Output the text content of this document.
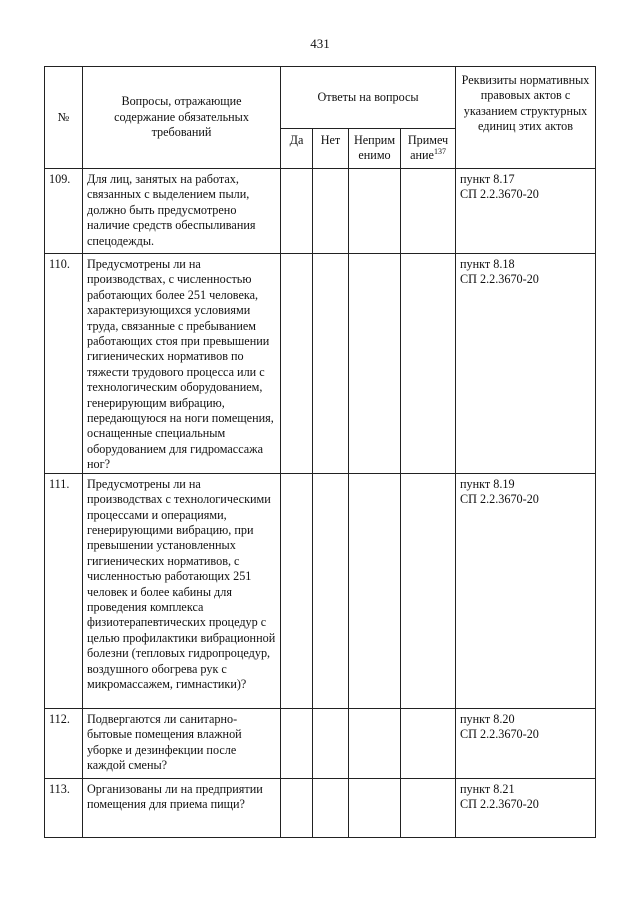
431
№	Вопросы, отражающие содержание обязательных требований	Ответы на вопросы				Реквизиты нормативных правовых актов с указанием структурных единиц этих актов
		Да	Нет	Неприм енимо	Примеч ание$^{137}$
109.	Для лиц, занятых на работах, связанных с выделением пыли, должно быть предусмотрено наличие средств обеспыливания спецодежды.					пункт 8.17
СП 2.2.3670-20

110.	Предусмотрены ли на производствах, с численностью работающих более 251 человека, характеризующихся условиями труда, связанные с пребыванием работающих стоя при превышении гигиенических нормативов по тяжести трудового процесса или с технологическим оборудованием, генерирующим вибрацию, передающуюся на ноги помещения, оснащенные специальным оборудованием для гидромассажа ног?					пункт 8.18
СП 2.2.3670-20

111.	Предусмотрены ли на производствах с технологическими процессами и операциями, генерирующими вибрацию, при превышении установленных гигиенических нормативов, с численностью работающих 251 человек и более кабины для проведения комплекса физиотерапевтических процедур с целью профилактики вибрационной болезни (тепловых гидропроцедур, воздушного обогрева рук с микромассажем, гимнастики)?					пункт 8.19
СП 2.2.3670-20

112.	Подвергаются ли санитарно-бытовые помещения влажной уборке и дезинфекции после каждой смены?					пункт 8.20
СП 2.2.3670-20

113.	Организованы ли на предприятии помещения для приема пищи?					пункт 8.21
СП 2.2.3670-20
